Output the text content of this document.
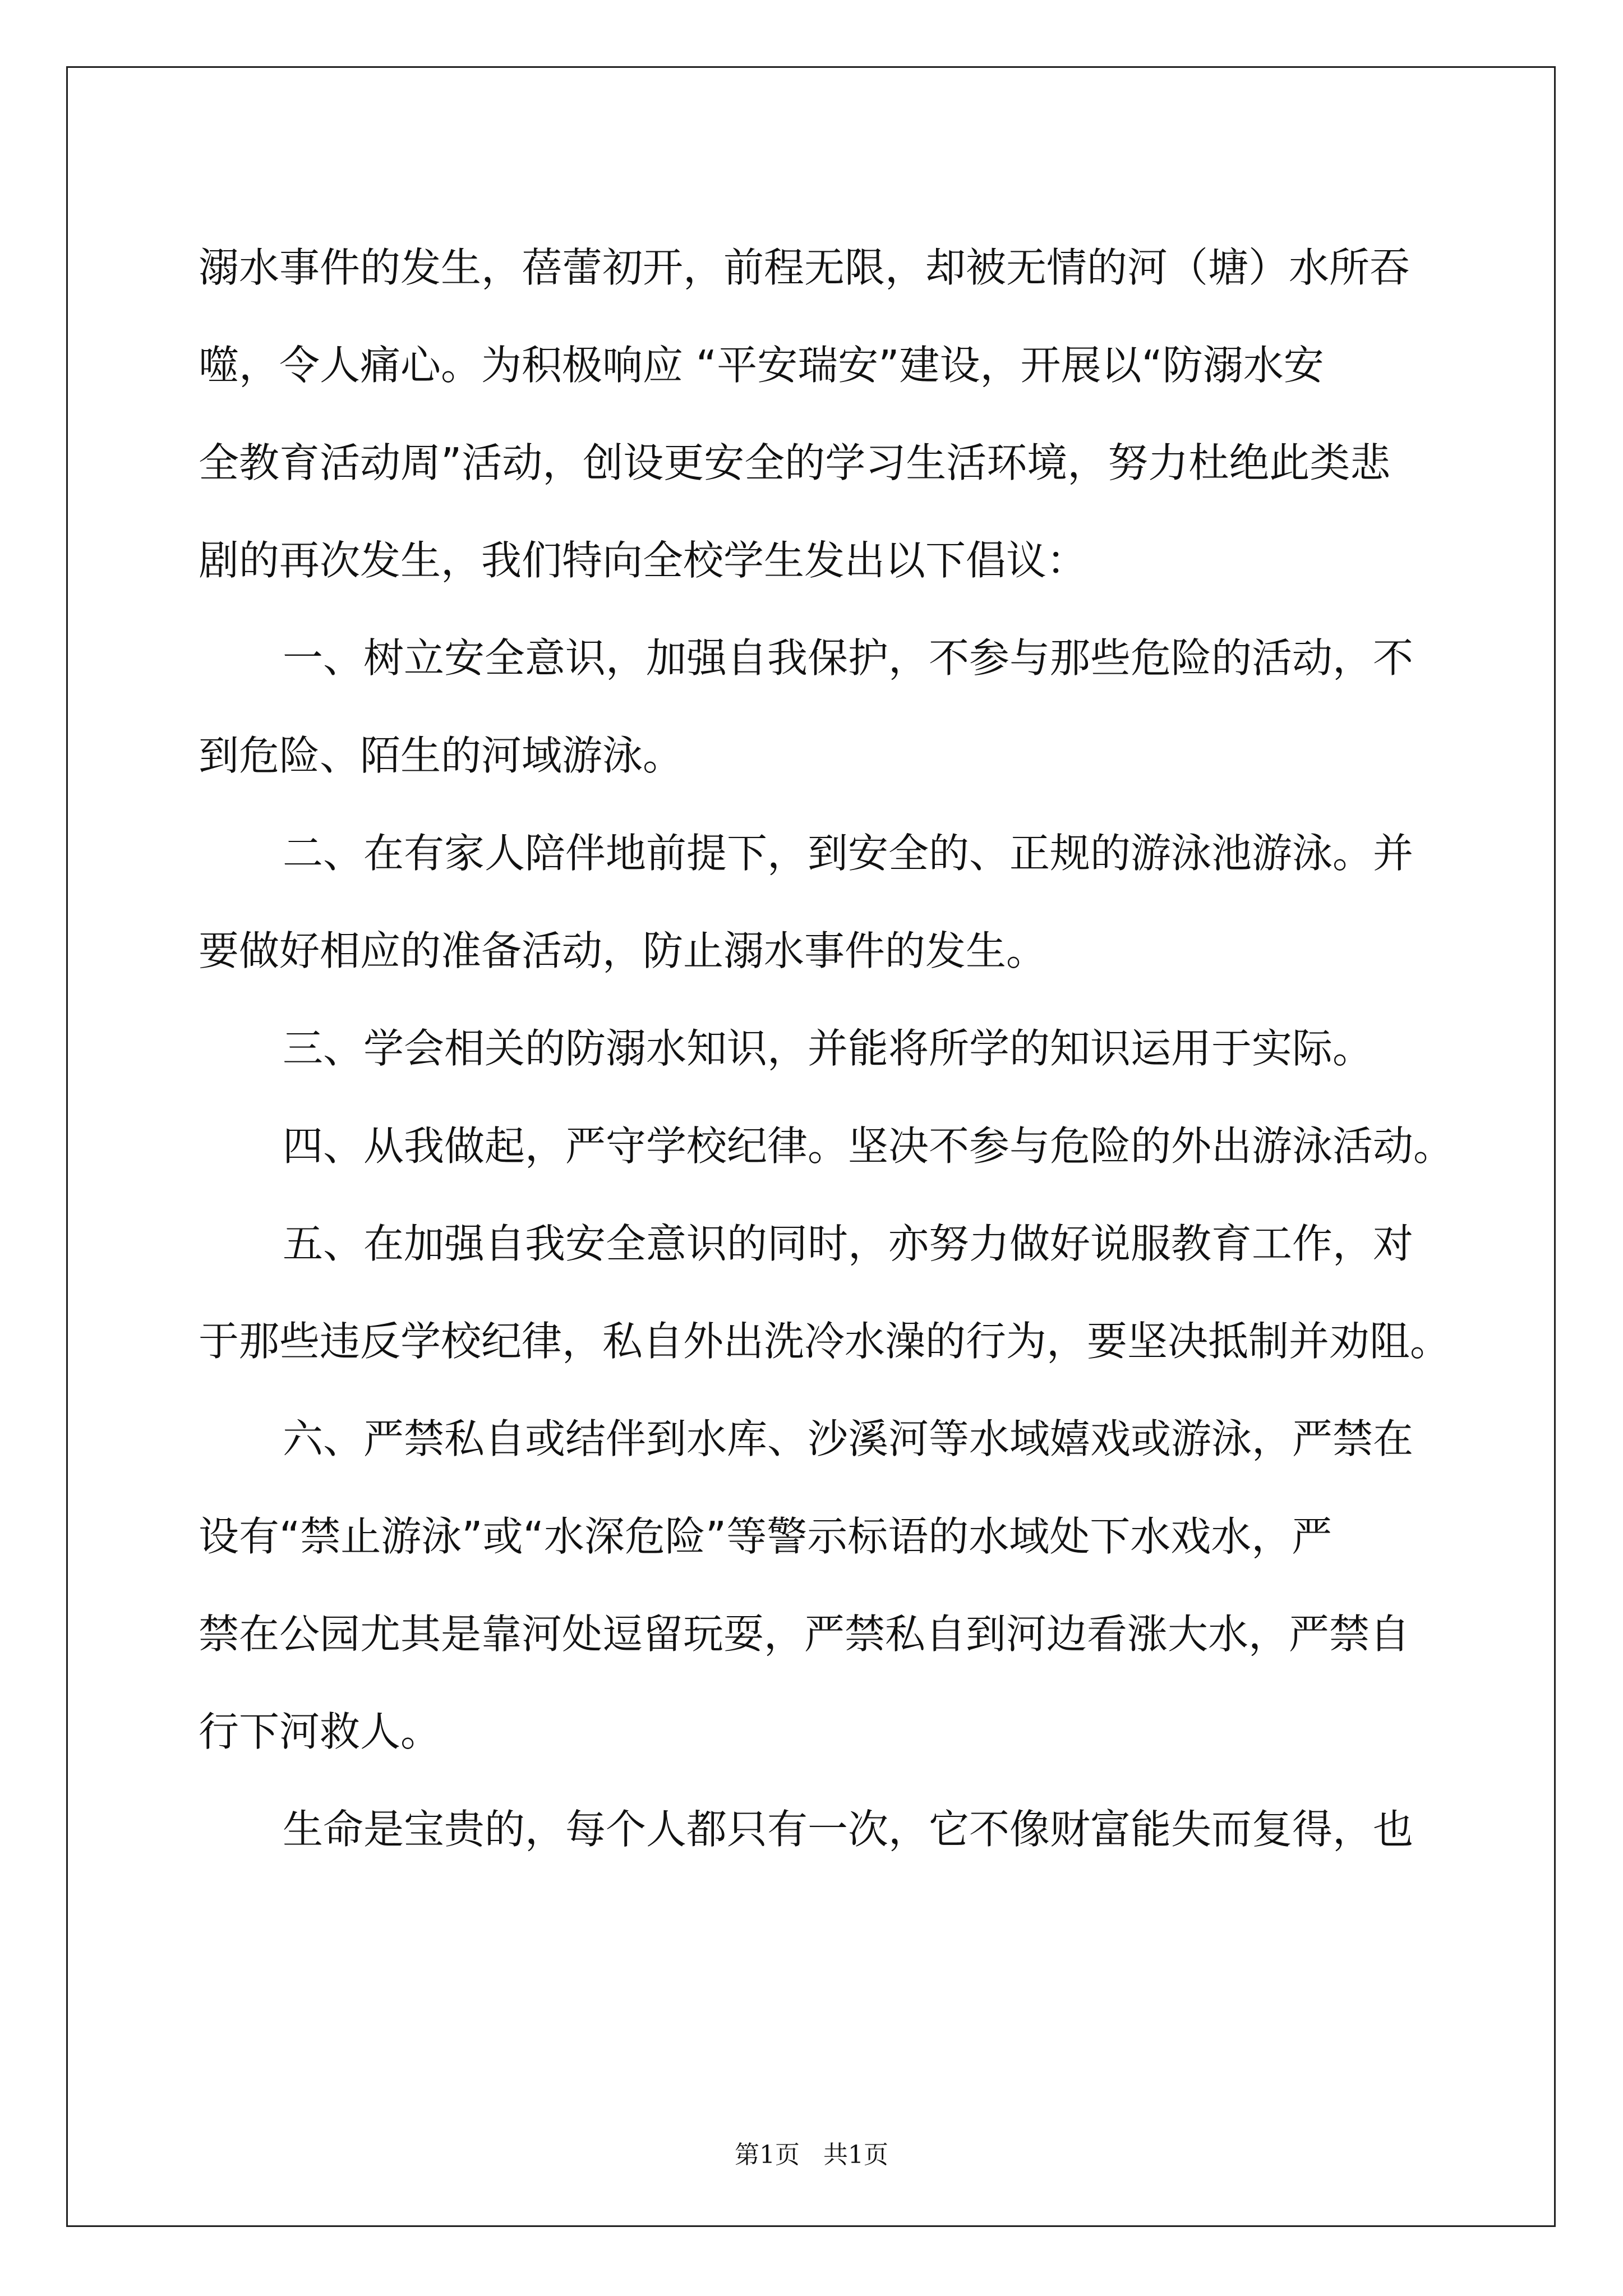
溺水事件的发生，蓓蕾初开，前程无限，却被无情的河（塘）水所吞
噬，令人痛心。为积极响应 “平安瑞安”建设，开展以“防溺水安
全教育活动周”活动，创设更安全的学习生活环境，努力杜绝此类悲
剧的再次发生，我们特向全校学生发出以下倡议：
一、树立安全意识，加强自我保护，不参与那些危险的活动，不
到危险、陌生的河域游泳。
二、在有家人陪伴地前提下，到安全的、正规的游泳池游泳。并
要做好相应的准备活动，防止溺水事件的发生。
三、学会相关的防溺水知识，并能将所学的知识运用于实际。
四、从我做起，严守学校纪律。坚决不参与危险的外出游泳活动。
五、在加强自我安全意识的同时，亦努力做好说服教育工作，对
于那些违反学校纪律，私自外出洗冷水澡的行为，要坚决抵制并劝阻。
六、严禁私自或结伴到水库、沙溪河等水域嬉戏或游泳，严禁在
设有“禁止游泳”或“水深危险”等警示标语的水域处下水戏水，严
禁在公园尤其是靠河处逗留玩耍，严禁私自到河边看涨大水，严禁自
行下河救人。
生命是宝贵的，每个人都只有一次，它不像财富能失而复得，也
第1页   共1页
